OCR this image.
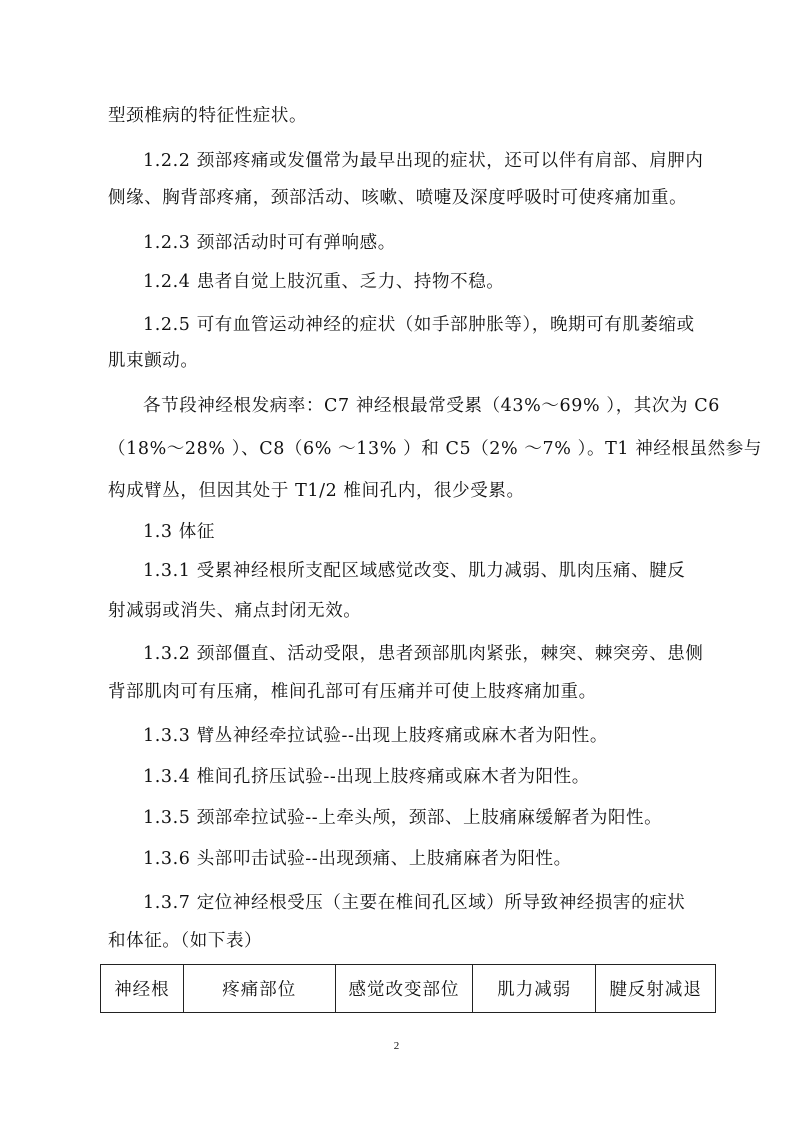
型颈椎病的特征性症状。
1.2.2 颈部疼痛或发僵常为最早出现的症状，还可以伴有肩部、肩胛内
侧缘、胸背部疼痛，颈部活动、咳嗽、喷嚏及深度呼吸时可使疼痛加重。
1.2.3 颈部活动时可有弹响感。
1.2.4 患者自觉上肢沉重、乏力、持物不稳。
1.2.5 可有血管运动神经的症状（如手部肿胀等），晚期可有肌萎缩或
肌束颤动。
各节段神经根发病率：C7 神经根最常受累（43%～69% ），其次为 C6
（18%～28% ）、C8（6% ～13% ）和 C5（2% ～7% ）。T1 神经根虽然参与
构成臂丛，但因其处于 T1/2 椎间孔内，很少受累。
1.3 体征
1.3.1 受累神经根所支配区域感觉改变、肌力减弱、肌肉压痛、腱反
射减弱或消失、痛点封闭无效。
1.3.2 颈部僵直、活动受限，患者颈部肌肉紧张，棘突、棘突旁、患侧
背部肌肉可有压痛，椎间孔部可有压痛并可使上肢疼痛加重。
1.3.3 臂丛神经牵拉试验--出现上肢疼痛或麻木者为阳性。
1.3.4 椎间孔挤压试验--出现上肢疼痛或麻木者为阳性。
1.3.5 颈部牵拉试验--上牵头颅，颈部、上肢痛麻缓解者为阳性。
1.3.6 头部叩击试验--出现颈痛、上肢痛麻者为阳性。
1.3.7 定位神经根受压（主要在椎间孔区域）所导致神经损害的症状
和体征。（如下表）
神经根	疼痛部位	感觉改变部位	肌力减弱	腱反射减退
2
